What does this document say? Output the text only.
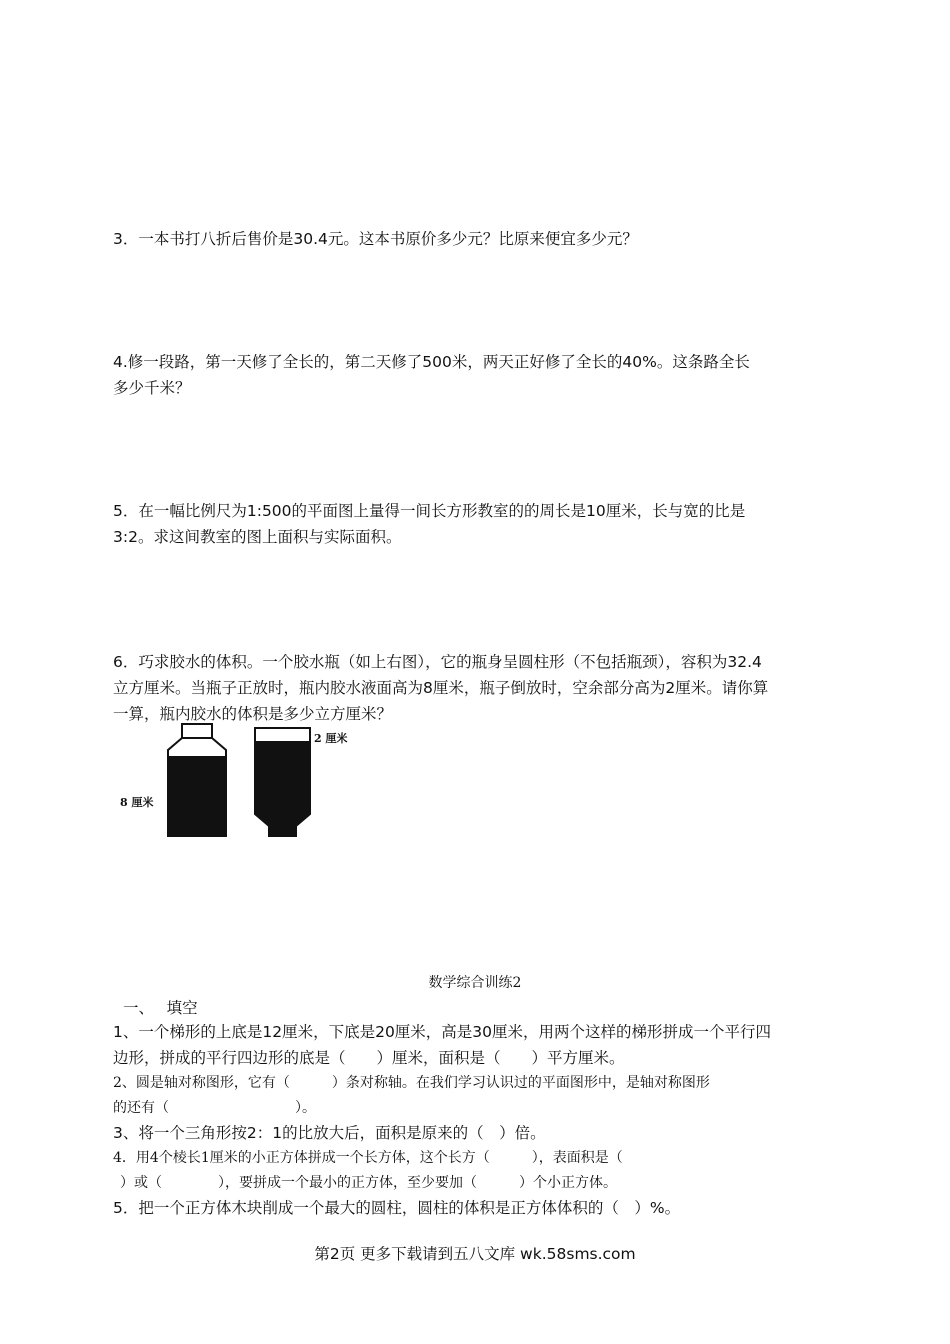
3．一本书打八折后售价是30.4元。这本书原价多少元？比原来便宜多少元？
4.修一段路，第一天修了全长的，第二天修了500米，两天正好修了全长的40%。这条路全长
多少千米？
5．在一幅比例尺为1:500的平面图上量得一间长方形教室的的周长是10厘米，长与宽的比是
3:2。求这间教室的图上面积与实际面积。
6．巧求胶水的体积。一个胶水瓶（如上右图），它的瓶身呈圆柱形（不包括瓶颈），容积为32.4
立方厘米。当瓶子正放时，瓶内胶水液面高为8厘米，瓶子倒放时，空余部分高为2厘米。请你算
一算，瓶内胶水的体积是多少立方厘米？
8 厘米
2 厘米
数学综合训练2
一、　 填空
1、一个梯形的上底是12厘米，下底是20厘米，高是30厘米，用两个这样的梯形拼成一个平行四
边形，拼成的平行四边形的底是（　　）厘米，面积是（　　）平方厘米。
2、圆是轴对称图形，它有（　　　）条对称轴。在我们学习认识过的平面图形中，是轴对称图形
的还有（　　　　　　　　　）。
3、将一个三角形按2：1的比放大后，面积是原来的（　）倍。
4．用4个棱长1厘米的小正方体拼成一个长方体，这个长方（　　　），表面积是（
）或（　　　　），要拼成一个最小的正方体，至少要加（　　　）个小正方体。
5．把一个正方体木块削成一个最大的圆柱，圆柱的体积是正方体体积的（　）%。
第2页 更多下载请到五八文库 wk.58sms.com
